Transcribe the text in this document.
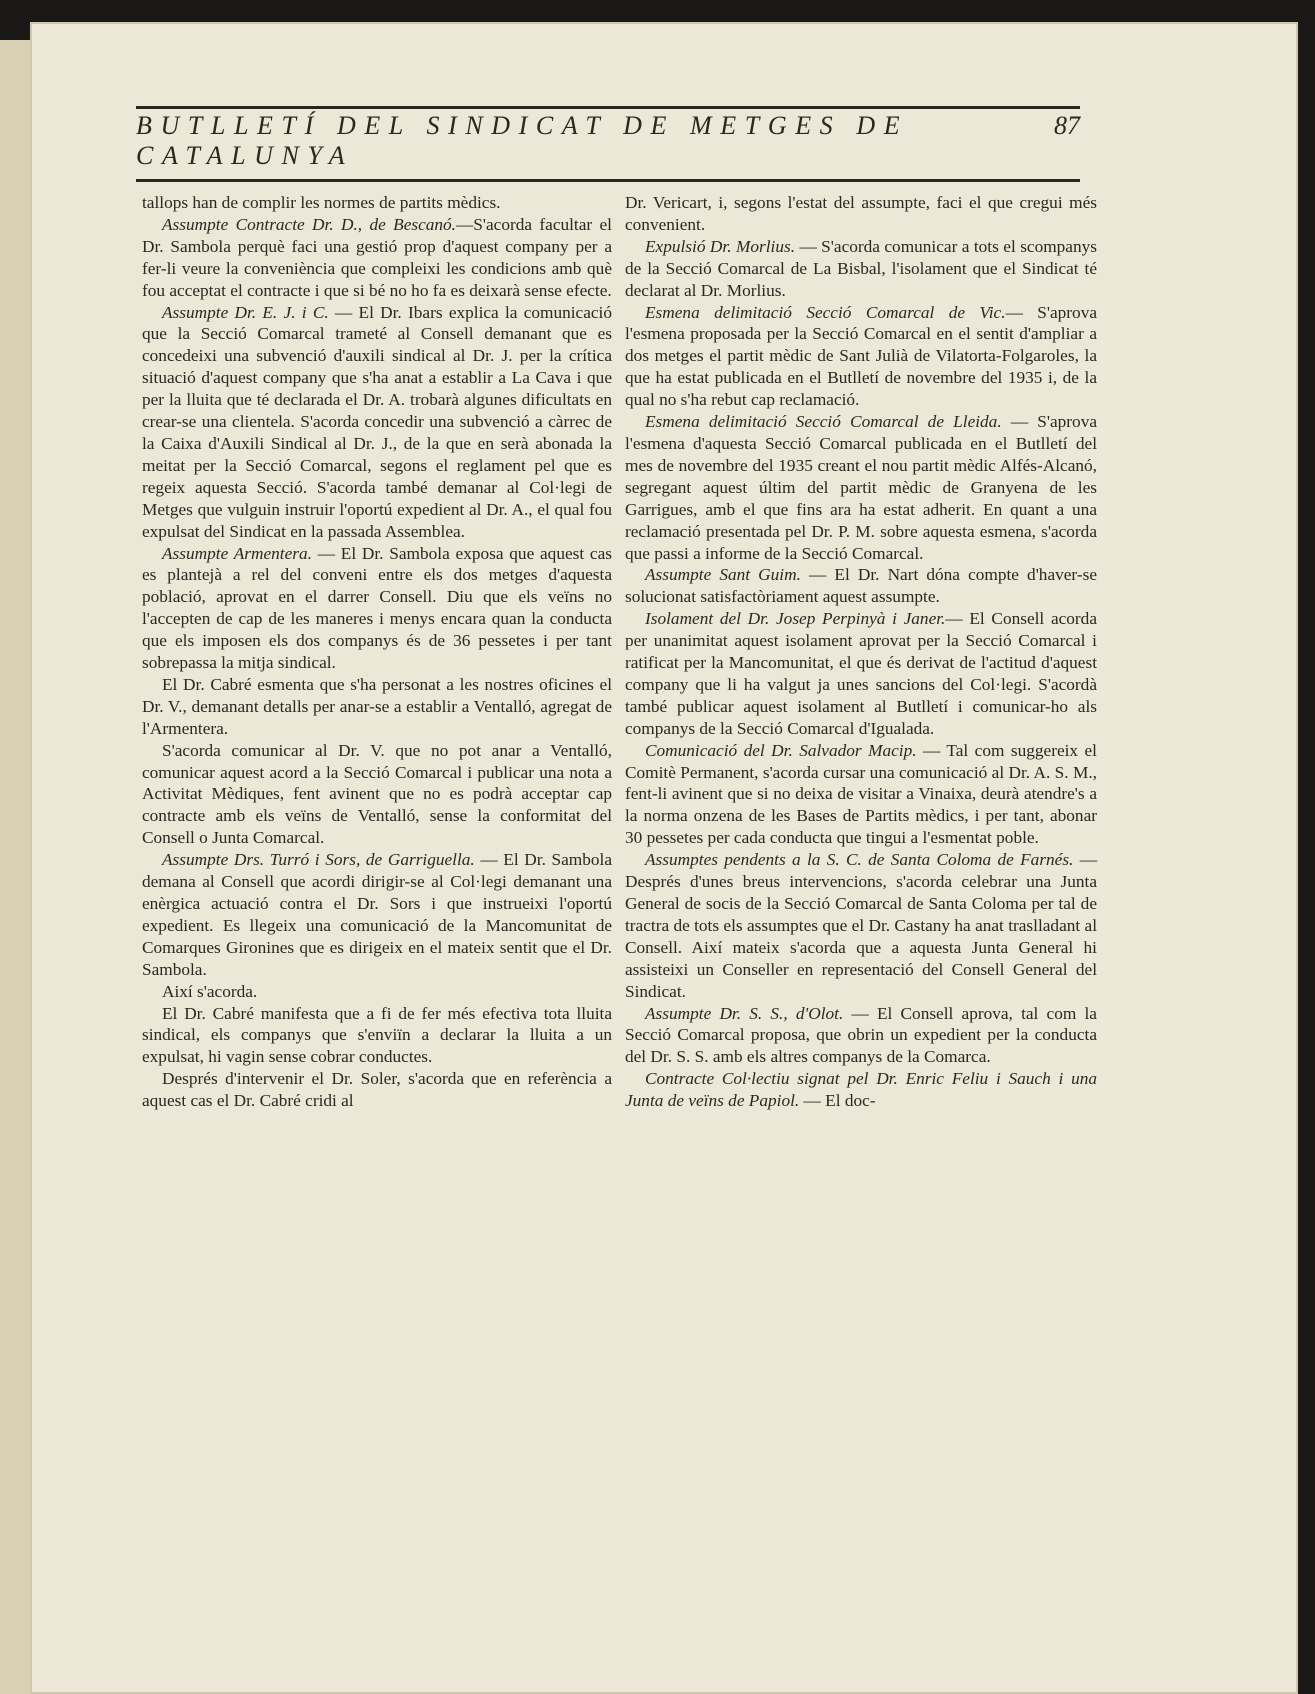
BUTLLETÍ DEL SINDICAT DE METGES DE CATALUNYA
87

tallops han de complir les normes de partits mèdics.

Assumpte Contracte Dr. D., de Bescanó.—S'acorda facultar el Dr. Sambola perquè faci una gestió prop d'aquest company per a fer-li veure la conveniència que compleixi les condicions amb què fou acceptat el contracte i que si bé no ho fa es deixarà sense efecte.

Assumpte Dr. E. J. i C. — El Dr. Ibars explica la comunicació que la Secció Comarcal trameté al Consell demanant que es concedeixi una subvenció d'auxili sindical al Dr. J. per la crítica situació d'aquest company que s'ha anat a establir a La Cava i que per la lluita que té declarada el Dr. A. trobarà algunes dificultats en crear-se una clientela. S'acorda concedir una subvenció a càrrec de la Caixa d'Auxili Sindical al Dr. J., de la que en serà abonada la meitat per la Secció Comarcal, segons el reglament pel que es regeix aquesta Secció. S'acorda també demanar al Col·legi de Metges que vulguin instruir l'oportú expedient al Dr. A., el qual fou expulsat del Sindicat en la passada Assemblea.

Assumpte Armentera. — El Dr. Sambola exposa que aquest cas es plantejà a rel del conveni entre els dos metges d'aquesta població, aprovat en el darrer Consell. Diu que els veïns no l'accepten de cap de les maneres i menys encara quan la conducta que els imposen els dos companys és de 36 pessetes i per tant sobrepassa la mitja sindical.

El Dr. Cabré esmenta que s'ha personat a les nostres oficines el Dr. V., demanant detalls per anar-se a establir a Ventalló, agregat de l'Armentera.

S'acorda comunicar al Dr. V. que no pot anar a Ventalló, comunicar aquest acord a la Secció Comarcal i publicar una nota a Activitat Mèdiques, fent avinent que no es podrà acceptar cap contracte amb els veïns de Ventalló, sense la conformitat del Consell o Junta Comarcal.

Assumpte Drs. Turró i Sors, de Garriguella. — El Dr. Sambola demana al Consell que acordi dirigir-se al Col·legi demanant una enèrgica actuació contra el Dr. Sors i que instrueixi l'oportú expedient. Es llegeix una comunicació de la Mancomunitat de Comarques Gironines que es dirigeix en el mateix sentit que el Dr. Sambola.

Així s'acorda.

El Dr. Cabré manifesta que a fi de fer més efectiva tota lluita sindical, els companys que s'enviïn a declarar la lluita a un expulsat, hi vagin sense cobrar conductes.

Després d'intervenir el Dr. Soler, s'acorda que en referència a aquest cas el Dr. Cabré cridi al

Dr. Vericart, i, segons l'estat del assumpte, faci el que cregui més convenient.

Expulsió Dr. Morlius. — S'acorda comunicar a tots el scompanys de la Secció Comarcal de La Bisbal, l'isolament que el Sindicat té declarat al Dr. Morlius.

Esmena delimitació Secció Comarcal de Vic.— S'aprova l'esmena proposada per la Secció Comarcal en el sentit d'ampliar a dos metges el partit mèdic de Sant Julià de Vilatorta-Folgaroles, la que ha estat publicada en el Butlletí de novembre del 1935 i, de la qual no s'ha rebut cap reclamació.

Esmena delimitació Secció Comarcal de Lleida. — S'aprova l'esmena d'aquesta Secció Comarcal publicada en el Butlletí del mes de novembre del 1935 creant el nou partit mèdic Alfés-Alcanó, segregant aquest últim del partit mèdic de Granyena de les Garrigues, amb el que fins ara ha estat adherit. En quant a una reclamació presentada pel Dr. P. M. sobre aquesta esmena, s'acorda que passi a informe de la Secció Comarcal.

Assumpte Sant Guim. — El Dr. Nart dóna compte d'haver-se solucionat satisfactòriament aquest assumpte.

Isolament del Dr. Josep Perpinyà i Janer.— El Consell acorda per unanimitat aquest isolament aprovat per la Secció Comarcal i ratificat per la Mancomunitat, el que és derivat de l'actitud d'aquest company que li ha valgut ja unes sancions del Col·legi. S'acordà també publicar aquest isolament al Butlletí i comunicar-ho als companys de la Secció Comarcal d'Igualada.

Comunicació del Dr. Salvador Macip. — Tal com suggereix el Comitè Permanent, s'acorda cursar una comunicació al Dr. A. S. M., fent-li avinent que si no deixa de visitar a Vinaixa, deurà atendre's a la norma onzena de les Bases de Partits mèdics, i per tant, abonar 30 pessetes per cada conducta que tingui a l'esmentat poble.

Assumptes pendents a la S. C. de Santa Coloma de Farnés. — Després d'unes breus intervencions, s'acorda celebrar una Junta General de socis de la Secció Comarcal de Santa Coloma per tal de tractra de tots els assumptes que el Dr. Castany ha anat traslladant al Consell. Així mateix s'acorda que a aquesta Junta General hi assisteixi un Conseller en representació del Consell General del Sindicat.

Assumpte Dr. S. S., d'Olot. — El Consell aprova, tal com la Secció Comarcal proposa, que obrin un expedient per la conducta del Dr. S. S. amb els altres companys de la Comarca.

Contracte Col·lectiu signat pel Dr. Enric Feliu i Sauch i una Junta de veïns de Papiol. — El doc-
